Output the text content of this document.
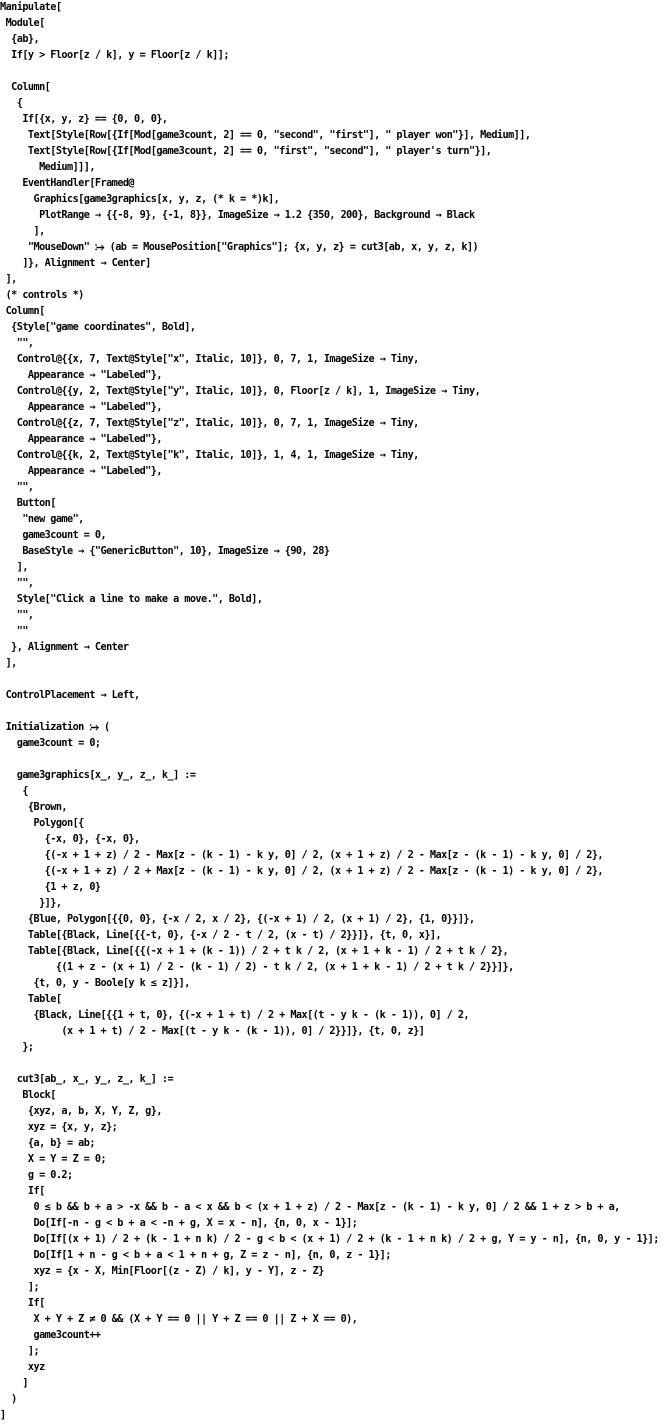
Manipulate[
Module[
{ab},
If[y > Floor[z / k], y = Floor[z / k]];
Column[
{
If[{x, y, z} == {0, 0, 0},
Text[Style[Row[{If[Mod[game3count, 2] == 0, "second", "first"], " player won"}], Medium]],
Text[Style[Row[{If[Mod[game3count, 2] == 0, "first", "second"], " player's turn"}],
Medium]]],
EventHandler[Framed@
Graphics[game3graphics[x, y, z, (* k = *)k],
PlotRange → {{-8, 9}, {-1, 8}}, ImageSize → 1.2 {350, 200}, Background → Black
],
"MouseDown" ⧴ (ab = MousePosition["Graphics"]; {x, y, z} = cut3[ab, x, y, z, k])
]}, Alignment → Center]
],
(* controls *)
Column[
{Style["game coordinates", Bold],
"",
Control@{{x, 7, Text@Style["x", Italic, 10]}, 0, 7, 1, ImageSize → Tiny,
Appearance → "Labeled"},
Control@{{y, 2, Text@Style["y", Italic, 10]}, 0, Floor[z / k], 1, ImageSize → Tiny,
Appearance → "Labeled"},
Control@{{z, 7, Text@Style["z", Italic, 10]}, 0, 7, 1, ImageSize → Tiny,
Appearance → "Labeled"},
Control@{{k, 2, Text@Style["k", Italic, 10]}, 1, 4, 1, ImageSize → Tiny,
Appearance → "Labeled"},
"",
Button[
"new game",
game3count = 0,
BaseStyle → {"GenericButton", 10}, ImageSize → {90, 28}
],
"",
Style["Click a line to make a move.", Bold],
"",
""
}, Alignment → Center
],
ControlPlacement → Left,
Initialization ⧴ (
game3count = 0;
game3graphics[x_, y_, z_, k_] :=
{
{Brown,
Polygon[{
{-x, 0}, {-x, 0},
{(-x + 1 + z) / 2 - Max[z - (k - 1) - k y, 0] / 2, (x + 1 + z) / 2 - Max[z - (k - 1) - k y, 0] / 2},
{(-x + 1 + z) / 2 + Max[z - (k - 1) - k y, 0] / 2, (x + 1 + z) / 2 - Max[z - (k - 1) - k y, 0] / 2},
{1 + z, 0}
}]},
{Blue, Polygon[{{0, 0}, {-x / 2, x / 2}, {(-x + 1) / 2, (x + 1) / 2}, {1, 0}}]},
Table[{Black, Line[{{-t, 0}, {-x / 2 - t / 2, (x - t) / 2}}]}, {t, 0, x}],
Table[{Black, Line[{{(-x + 1 + (k - 1)) / 2 + t k / 2, (x + 1 + k - 1) / 2 + t k / 2},
{(1 + z - (x + 1) / 2 - (k - 1) / 2) - t k / 2, (x + 1 + k - 1) / 2 + t k / 2}}]},
{t, 0, y - Boole[y k ≤ z]}],
Table[
{Black, Line[{{1 + t, 0}, {(-x + 1 + t) / 2 + Max[(t - y k - (k - 1)), 0] / 2,
(x + 1 + t) / 2 - Max[(t - y k - (k - 1)), 0] / 2}}]}, {t, 0, z}]
};
cut3[ab_, x_, y_, z_, k_] :=
Block[
{xyz, a, b, X, Y, Z, g},
xyz = {x, y, z};
{a, b} = ab;
X = Y = Z = 0;
g = 0.2;
If[
0 ≤ b && b + a > -x && b - a < x && b < (x + 1 + z) / 2 - Max[z - (k - 1) - k y, 0] / 2 && 1 + z > b + a,
Do[If[-n - g < b + a < -n + g, X = x - n], {n, 0, x - 1}];
Do[If[(x + 1) / 2 + (k - 1 + n k) / 2 - g < b < (x + 1) / 2 + (k - 1 + n k) / 2 + g, Y = y - n], {n, 0, y - 1}];
Do[If[1 + n - g < b + a < 1 + n + g, Z = z - n], {n, 0, z - 1}];
xyz = {x - X, Min[Floor[(z - Z) / k], y - Y], z - Z}
];
If[
X + Y + Z ≠ 0 && (X + Y == 0 || Y + Z == 0 || Z + X == 0),
game3count++
];
xyz
]
)
]
